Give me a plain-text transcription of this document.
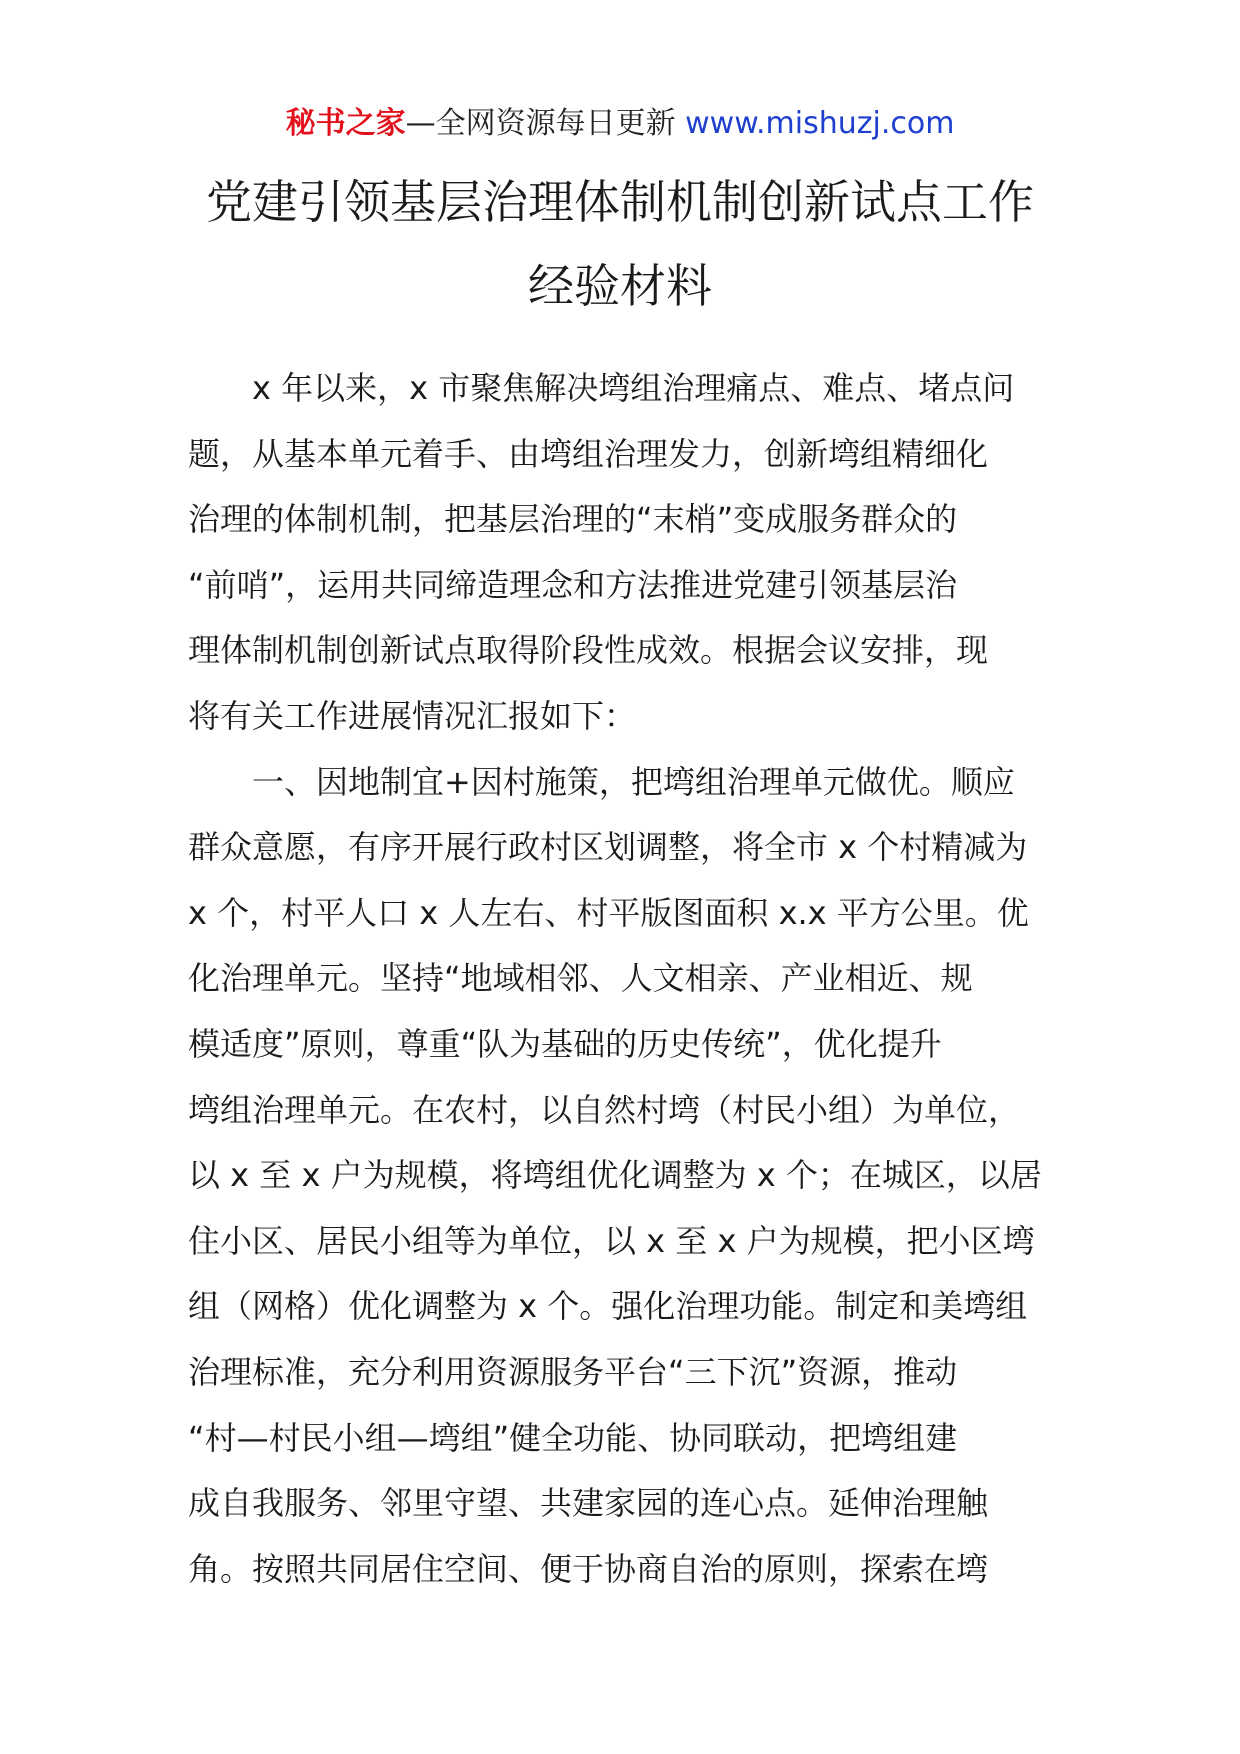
秘书之家—全网资源每日更新 www.mishuzj.com
党建引领基层治理体制机制创新试点工作
经验材料
x 年以来，x 市聚焦解决塆组治理痛点、难点、堵点问
题，从基本单元着手、由塆组治理发力，创新塆组精细化
治理的体制机制，把基层治理的“末梢”变成服务群众的
“前哨”，运用共同缔造理念和方法推进党建引领基层治
理体制机制创新试点取得阶段性成效。根据会议安排，现
将有关工作进展情况汇报如下：
一、因地制宜+因村施策，把塆组治理单元做优。顺应
群众意愿，有序开展行政村区划调整，将全市 x 个村精减为
x 个，村平人口 x 人左右、村平版图面积 x.x 平方公里。优
化治理单元。坚持“地域相邻、人文相亲、产业相近、规
模适度”原则，尊重“队为基础的历史传统”，优化提升
塆组治理单元。在农村，以自然村塆（村民小组）为单位，
以 x 至 x 户为规模，将塆组优化调整为 x 个；在城区，以居
住小区、居民小组等为单位，以 x 至 x 户为规模，把小区塆
组（网格）优化调整为 x 个。强化治理功能。制定和美塆组
治理标准，充分利用资源服务平台“三下沉”资源，推动
“村—村民小组—塆组”健全功能、协同联动，把塆组建
成自我服务、邻里守望、共建家园的连心点。延伸治理触
角。按照共同居住空间、便于协商自治的原则，探索在塆
